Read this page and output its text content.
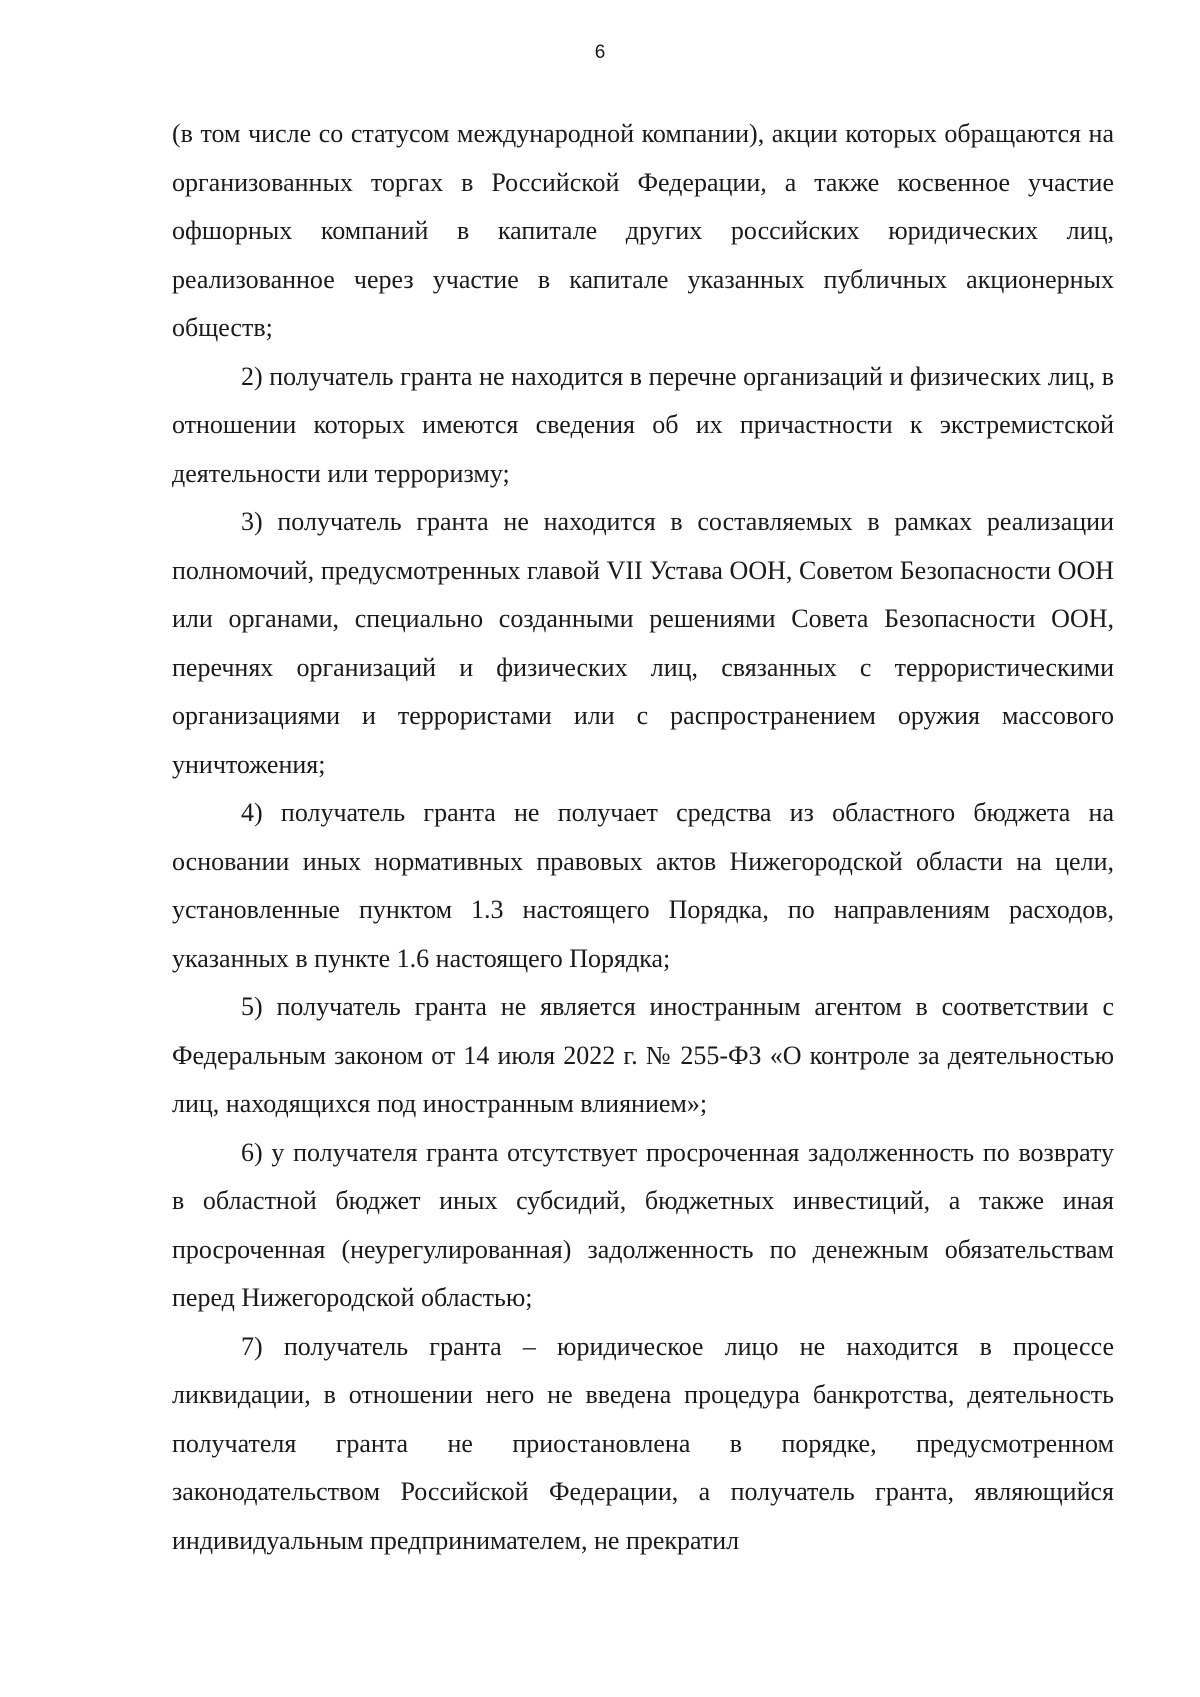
6

(в том числе со статусом международной компании), акции которых обращаются на организованных торгах в Российской Федерации, а также косвенное участие офшорных компаний в капитале других российских юридических лиц, реализованное через участие в капитале указанных публичных акционерных обществ;

2) получатель гранта не находится в перечне организаций и физических лиц, в отношении которых имеются сведения об их причастности к экстремистской деятельности или терроризму;

3) получатель гранта не находится в составляемых в рамках реализации полномочий, предусмотренных главой VII Устава ООН, Советом Безопасности ООН или органами, специально созданными решениями Совета Безопасности ООН, перечнях организаций и физических лиц, связанных с террористическими организациями и террористами или с распространением оружия массового уничтожения;

4) получатель гранта не получает средства из областного бюджета на основании иных нормативных правовых актов Нижегородской области на цели, установленные пунктом 1.3 настоящего Порядка, по направлениям расходов, указанных в пункте 1.6 настоящего Порядка;

5) получатель гранта не является иностранным агентом в соответствии с Федеральным законом от 14 июля 2022 г. № 255-ФЗ «О контроле за деятельностью лиц, находящихся под иностранным влиянием»;

6) у получателя гранта отсутствует просроченная задолженность по возврату в областной бюджет иных субсидий, бюджетных инвестиций, а также иная просроченная (неурегулированная) задолженность по денежным обязательствам перед Нижегородской областью;

7) получатель гранта – юридическое лицо не находится в процессе ликвидации, в отношении него не введена процедура банкротства, деятельность получателя гранта не приостановлена в порядке, предусмотренном законодательством Российской Федерации, а получатель гранта, являющийся индивидуальным предпринимателем, не прекратил
